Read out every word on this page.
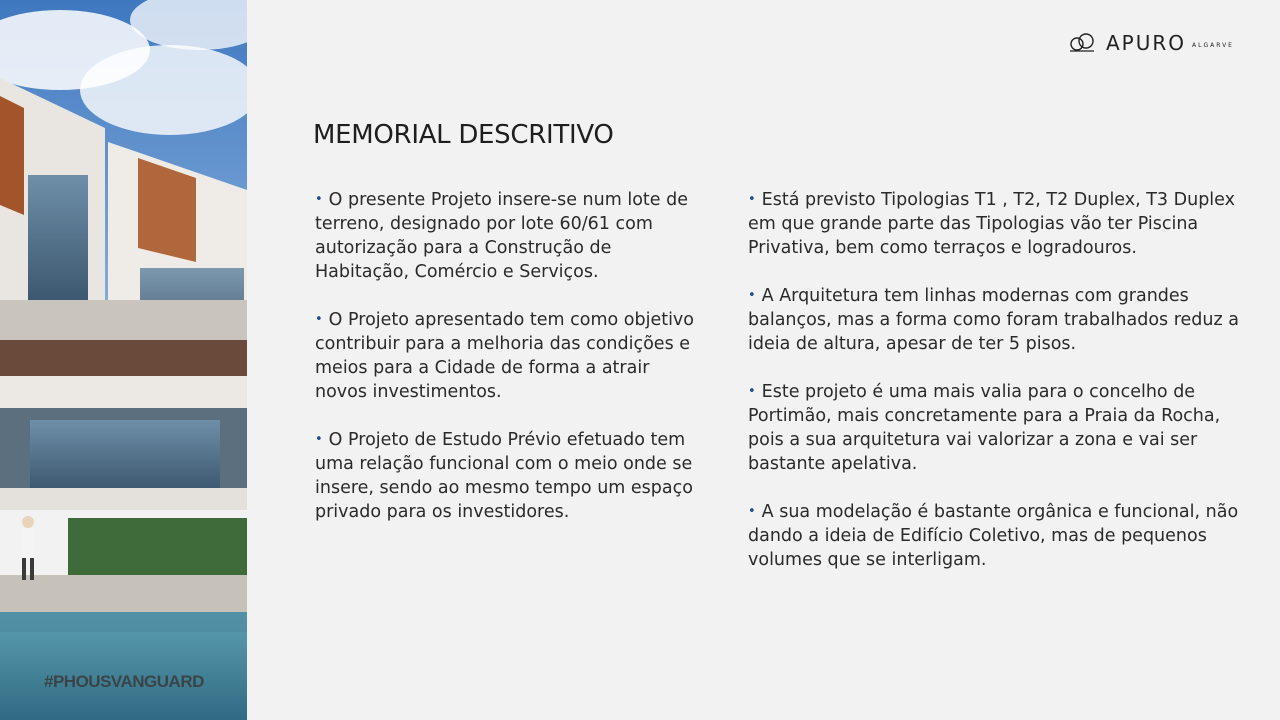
#PHOUSVANGUARD
APURO ALGARVE
MEMORIAL DESCRITIVO

• O presente Projeto insere-se num lote de terreno, designado por lote 60/61 com autorização para a Construção de Habitação, Comércio e Serviços.

• O Projeto apresentado tem como objetivo contribuir para a melhoria das condições e meios para a Cidade de forma a atrair novos investimentos.

• O Projeto de Estudo Prévio efetuado tem uma relação funcional com o meio onde se insere, sendo ao mesmo tempo um espaço privado para os investidores.

• Está previsto Tipologias T1 , T2, T2 Duplex, T3 Duplex em que grande parte das Tipologias vão ter Piscina Privativa, bem como terraços e logradouros.

• A Arquitetura tem linhas modernas com grandes balanços, mas a forma como foram trabalhados reduz a ideia de altura, apesar de ter 5 pisos.

• Este projeto é uma mais valia para o concelho de Portimão, mais concretamente para a Praia da Rocha, pois a sua arquitetura vai valorizar a zona e vai ser bastante apelativa.

• A sua modelação é bastante orgânica e funcional, não dando a ideia de Edifício Coletivo, mas de pequenos volumes que se interligam.
